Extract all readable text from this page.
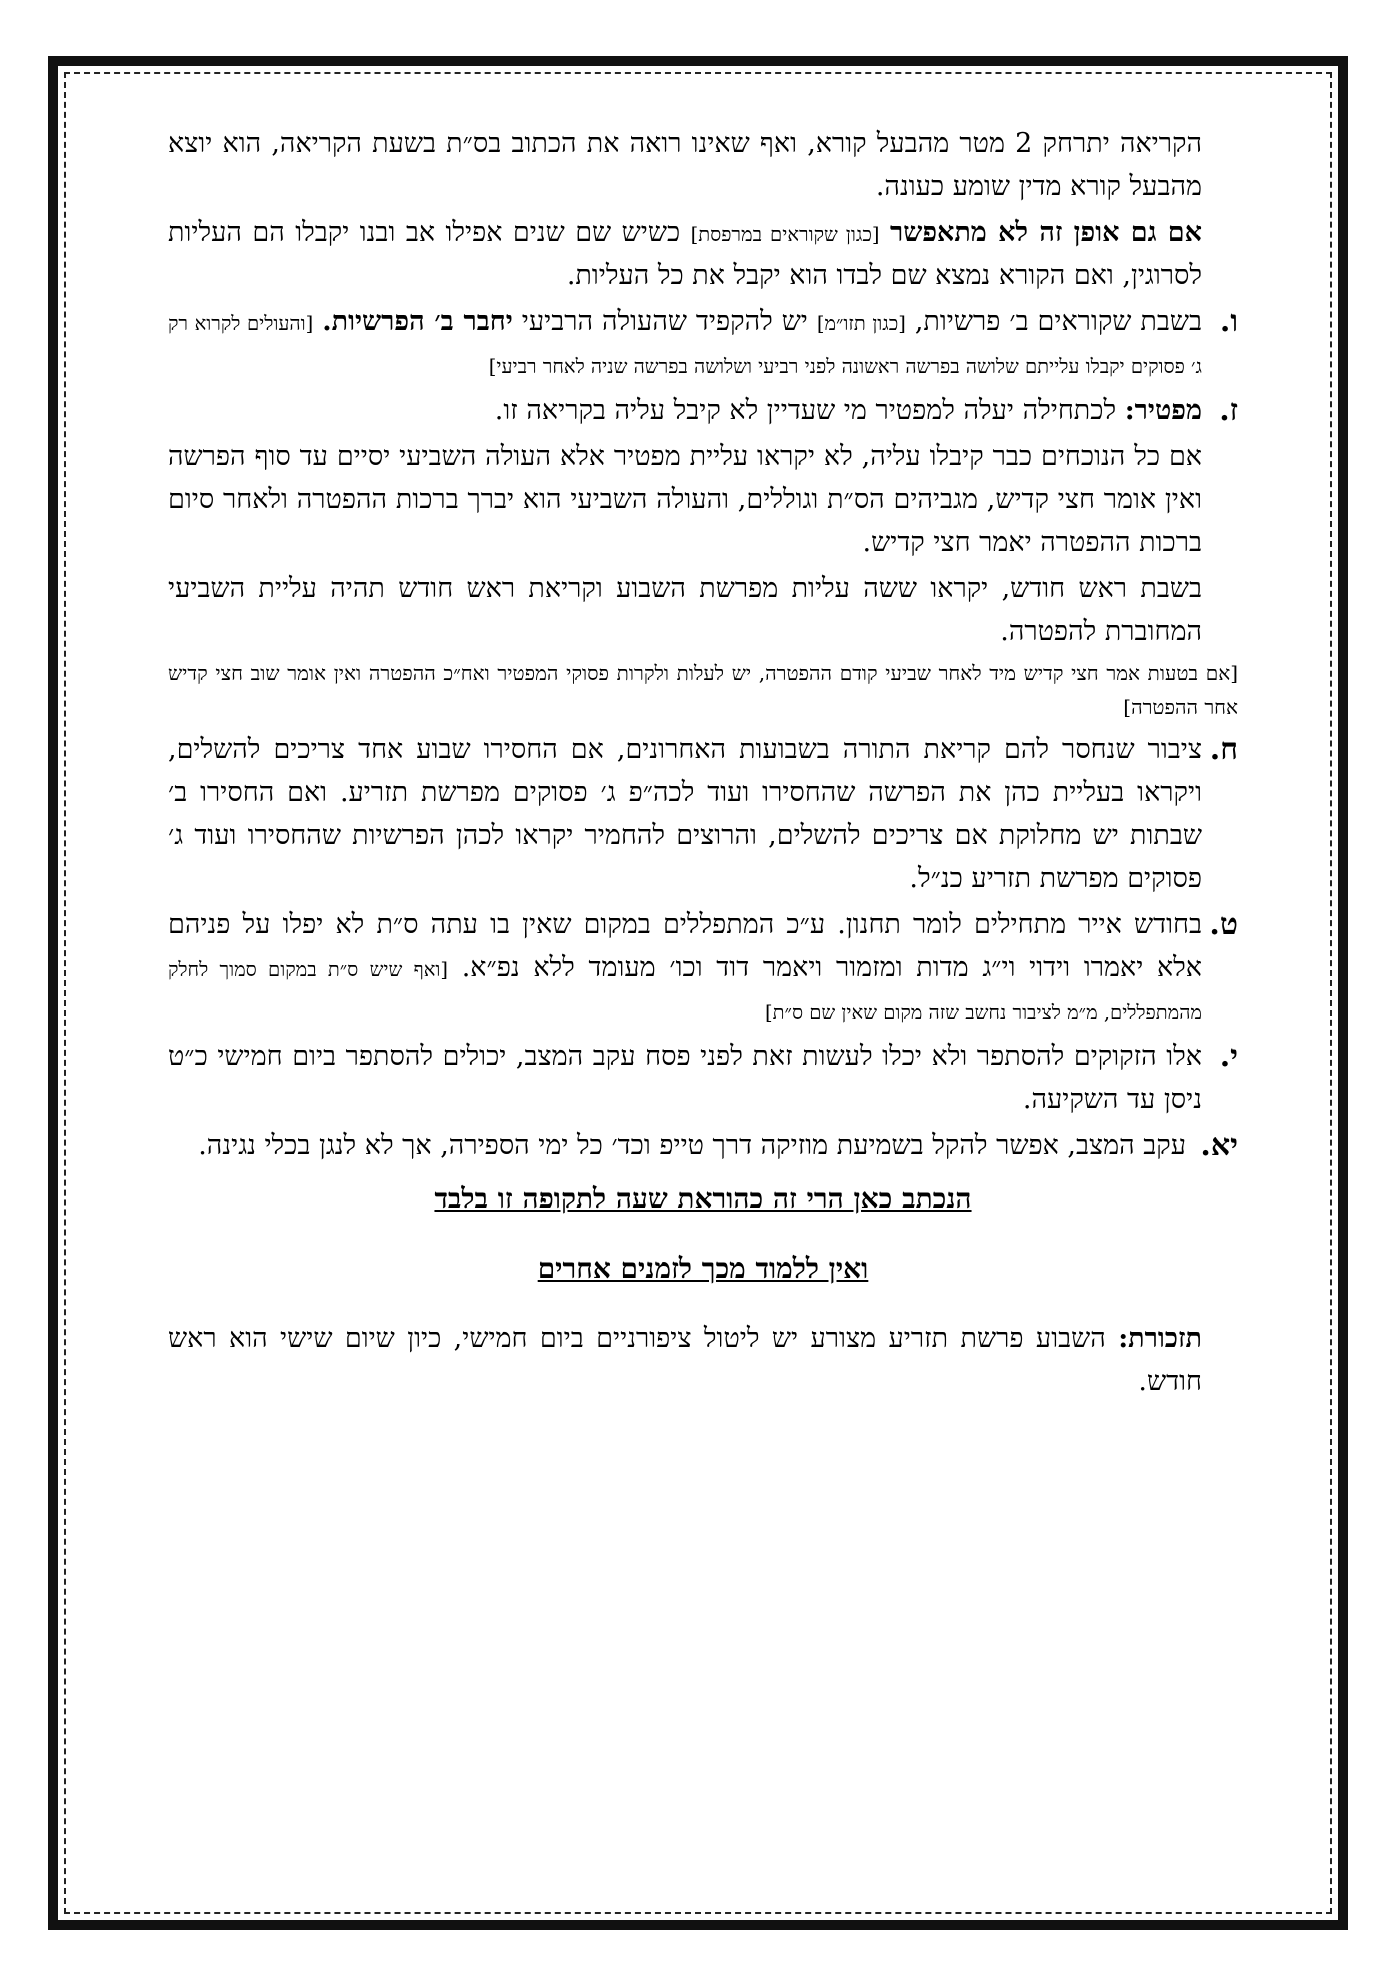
הקריאה יתרחק 2 מטר מהבעל קורא, ואף שאינו רואה את הכתוב בס״ת בשעת הקריאה, הוא יוצא מהבעל קורא מדין שומע כעונה.

אם גם אופן זה לא מתאפשר [כגון שקוראים במרפסת] כשיש שם שנים אפילו אב ובנו יקבלו הם העליות לסרוגין, ואם הקורא נמצא שם לבדו הוא יקבל את כל העליות.

ו.
בשבת שקוראים ב׳ פרשיות, [כגון תזו״מ] יש להקפיד שהעולה הרביעי יחבר ב׳ הפרשיות. [והעולים לקרוא רק ג׳ פסוקים יקבלו עלייתם שלושה בפרשה ראשונה לפני רביעי ושלושה בפרשה שניה לאחר רביעי]
ז.
מפטיר: לכתחילה יעלה למפטיר מי שעדיין לא קיבל עליה בקריאה זו.

אם כל הנוכחים כבר קיבלו עליה, לא יקראו עליית מפטיר אלא העולה השביעי יסיים עד סוף הפרשה ואין אומר חצי קדיש, מגביהים הס״ת וגוללים, והעולה השביעי הוא יברך ברכות ההפטרה ולאחר סיום ברכות ההפטרה יאמר חצי קדיש.

בשבת ראש חודש, יקראו ששה עליות מפרשת השבוע וקריאת ראש חודש תהיה עליית השביעי המחוברת להפטרה.

[אם בטעות אמר חצי קדיש מיד לאחר שביעי קודם ההפטרה, יש לעלות ולקרות פסוקי המפטיר ואח״כ ההפטרה ואין אומר שוב חצי קדיש אחר ההפטרה]

ח.
ציבור שנחסר להם קריאת התורה בשבועות האחרונים, אם החסירו שבוע אחד צריכים להשלים, ויקראו בעליית כהן את הפרשה שהחסירו ועוד לכה״פ ג׳ פסוקים מפרשת תזריע. ואם החסירו ב׳ שבתות יש מחלוקת אם צריכים להשלים, והרוצים להחמיר יקראו לכהן הפרשיות שהחסירו ועוד ג׳ פסוקים מפרשת תזריע כנ״ל.
ט.
בחודש אייר מתחילים לומר תחנון. ע״כ המתפללים במקום שאין בו עתה ס״ת לא יפלו על פניהם אלא יאמרו וידוי וי״ג מדות ומזמור ויאמר דוד וכו׳ מעומד ללא נפ״א. [ואף שיש ס״ת במקום סמוך לחלק מהמתפללים, מ״מ לציבור נחשב שזה מקום שאין שם ס״ת]
י.
אלו הזקוקים להסתפר ולא יכלו לעשות זאת לפני פסח עקב המצב, יכולים להסתפר ביום חמישי כ״ט ניסן עד השקיעה.
יא.
עקב המצב, אפשר להקל בשמיעת מוזיקה דרך טייפ וכד׳ כל ימי הספירה, אך לא לנגן בכלי נגינה.
הנכתב כאן הרי זה כהוראת שעה לתקופה זו בלבד
ואין ללמוד מכך לזמנים אחרים

תזכורת: השבוע פרשת תזריע מצורע יש ליטול ציפורניים ביום חמישי, כיון שיום שישי הוא ראש חודש.
